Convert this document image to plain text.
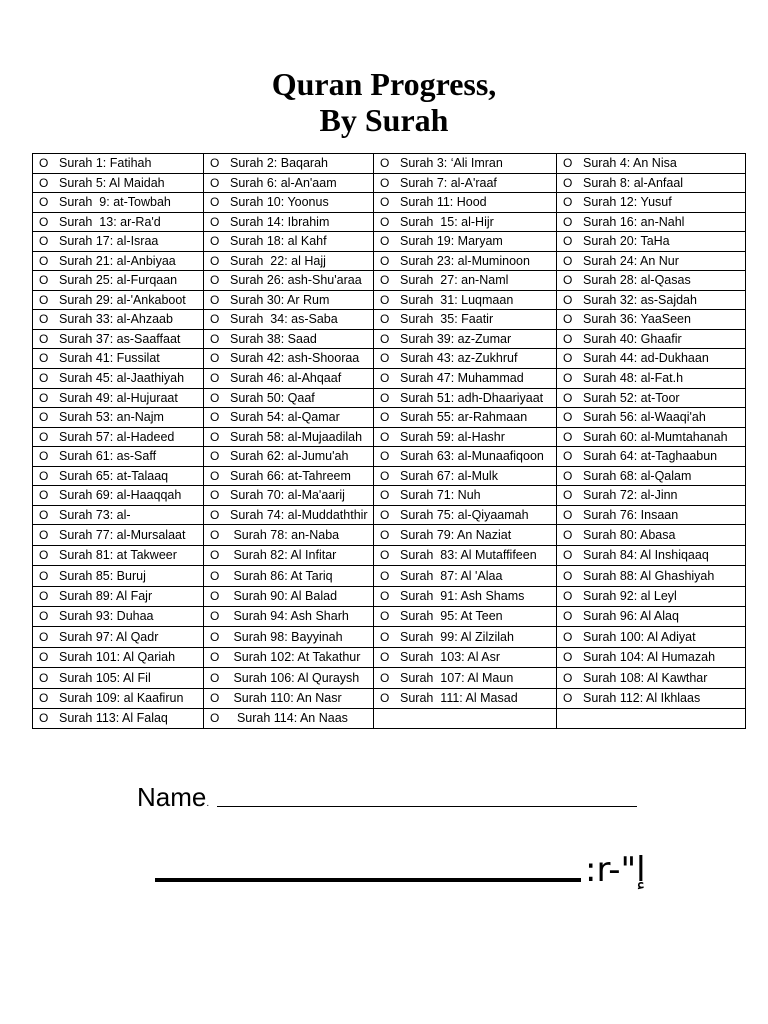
Quran Progress,
By Surah
O Surah 1: Fatihah	O Surah 2: Baqarah	O Surah 3: ‘Ali Imran	O Surah 4: An Nisa
O Surah 5: Al Maidah	O Surah 6: al-An'aam	O Surah 7: al-A'raaf	O Surah 8: al-Anfaal
O Surah  9: at-Towbah	O Surah 10: Yoonus	O Surah 11: Hood	O Surah 12: Yusuf
O Surah  13: ar-Ra'd	O Surah 14: Ibrahim	O Surah  15: al-Hijr	O Surah 16: an-Nahl
O Surah 17: al-Israa	O Surah 18: al Kahf	O Surah 19: Maryam	O Surah 20: TaHa
O Surah 21: al-Anbiyaa	O Surah  22: al Hajj	O Surah 23: al-Muminoon	O Surah 24: An Nur
O Surah 25: al-Furqaan	O Surah 26: ash-Shu'araa	O Surah  27: an-Naml	O Surah 28: al-Qasas
O Surah 29: al-'Ankaboot	O Surah 30: Ar Rum	O Surah  31: Luqmaan	O Surah 32: as-Sajdah
O Surah 33: al-Ahzaab	O Surah  34: as-Saba	O Surah  35: Faatir	O Surah 36: YaaSeen
O Surah 37: as-Saaffaat	O Surah 38: Saad	O Surah 39: az-Zumar	O Surah 40: Ghaafir
O Surah 41: Fussilat	O Surah 42: ash-Shooraa	O Surah 43: az-Zukhruf	O Surah 44: ad-Dukhaan
O Surah 45: al-Jaathiyah	O Surah 46: al-Ahqaaf	O Surah 47: Muhammad	O Surah 48: al-Fat.h
O Surah 49: al-Hujuraat	O Surah 50: Qaaf	O Surah 51: adh-Dhaariyaat	O Surah 52: at-Toor
O Surah 53: an-Najm	O Surah 54: al-Qamar	O Surah 55: ar-Rahmaan	O Surah 56: al-Waaqi'ah
O Surah 57: al-Hadeed	O Surah 58: al-Mujaadilah	O Surah 59: al-Hashr	O Surah 60: al-Mumtahanah
O Surah 61: as-Saff	O Surah 62: al-Jumu'ah	O Surah 63: al-Munaafiqoon	O Surah 64: at-Taghaabun
O Surah 65: at-Talaaq	O Surah 66: at-Tahreem	O Surah 67: al-Mulk	O Surah 68: al-Qalam
O Surah 69: al-Haaqqah	O Surah 70: al-Ma'aarij	O Surah 71: Nuh	O Surah 72: al-Jinn
O Surah 73: al-	O Surah 74: al-Muddaththir	O Surah 75: al-Qiyaamah	O Surah 76: Insaan
O Surah 77: al-Mursalaat	O Surah 78: an-Naba	O Surah 79: An Naziat	O Surah 80: Abasa
O Surah 81: at Takweer	O Surah 82: Al Infitar	O Surah  83: Al Mutaffifeen	O Surah 84: Al Inshiqaaq
O Surah 85: Buruj	O Surah 86: At Tariq	O Surah  87: Al 'Alaa	O Surah 88: Al Ghashiyah
O Surah 89: Al Fajr	O Surah 90: Al Balad	O Surah  91: Ash Shams	O Surah 92: al Leyl
O Surah 93: Duhaa	O Surah 94: Ash Sharh	O Surah  95: At Teen	O Surah 96: Al Alaq
O Surah 97: Al Qadr	O Surah 98: Bayyinah	O Surah  99: Al Zilzilah	O Surah 100: Al Adiyat
O Surah 101: Al Qariah	O Surah 102: At Takathur	O Surah  103: Al Asr	O Surah 104: Al Humazah
O Surah 105: Al Fil	O Surah 106: Al Quraysh	O Surah  107: Al Maun	O Surah 108: Al Kawthar
O Surah 109: al Kaafirun	O Surah 110: An Nasr	O Surah  111: Al Masad	O Surah 112: Al Ikhlaas
O Surah 113: Al Falaq	O  Surah 114: An Naas		
Name.
:r-"إ
